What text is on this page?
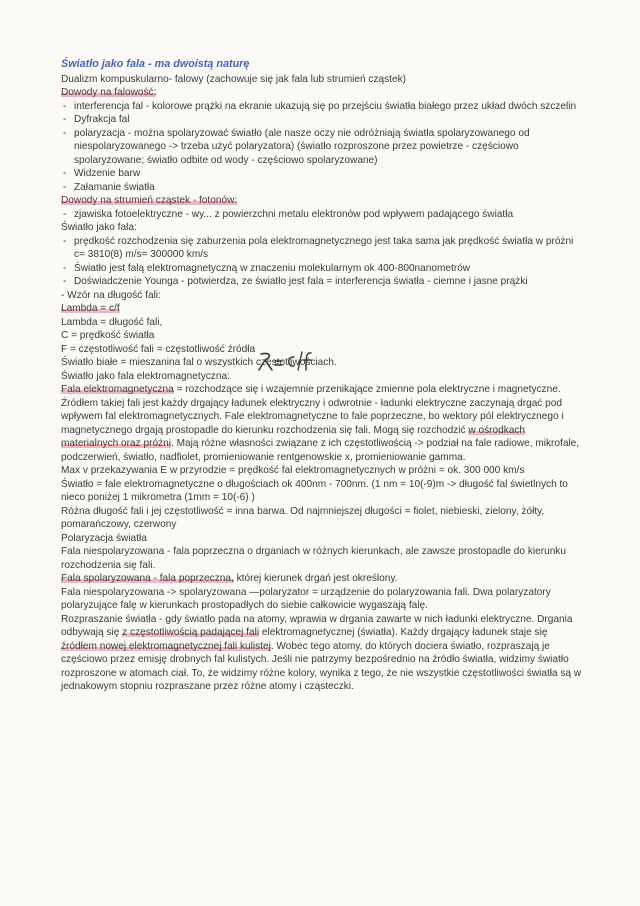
Światło jako fala - ma dwoistą naturę
Dualizm kompuskularno- falowy (zachowuje się jak fala lub strumień cząstek)
Dowody na falowość:
- interferencja fal - kolorowe prążki na ekranie ukazują się po przejściu światła białego przez układ dwóch szczelin
- Dyfrakcja fal
- polaryzacja - można spolaryzować światło (ale nasze oczy nie odróżniają światła spolaryzowanego od niespolaryzowanego -> trzeba użyć polaryzatora) (światło rozproszone przez powietrze - częściowo spolaryzowane; światło odbite od wody - częściowo spolaryzowane)
- Widzenie barw
- Załamanie światła
Dowody na strumień cząstek - fotonów:
- zjawiska fotoelektryczne - wy... z powierzchni metalu elektronów pod wpływem padającego światła
Światło jako fala:
- prędkość rozchodzenia się zaburzenia pola elektromagnetycznego jest taka sama jak prędkość światła w próżni c= 3810(8) m/s= 300000 km/s
- Światło jest falą elektromagnetyczną w znaczeniu molekularnym ok 400-800nanometrów
- Doświadczenie Younga - potwierdza, ze światło jest fala = interferencja światła - ciemne i jasne prążki
- Wzór na długość fali:
Lambda = c/f
Lambda = długość fali,
C = prędkość światła
F = częstotliwość fali = częstotliwość źródła
Światło białe = mieszanina fal o wszystkich częstotliwościach.
Światło jako fala elektromagnetyczna:
Fala elektromagnetyczna = rozchodzące się i wzajemnie przenikające zmienne pola elektryczne i magnetyczne. Źródłem takiej fali jest każdy drgający ładunek elektryczny i odwrotnie - ładunki elektryczne zaczynają drgać pod wpływem fal elektromagnetycznych. Fale elektromagnetyczne to fale poprzeczne, bo wektory pól elektrycznego i magnetycznego drgają prostopadle do kierunku rozchodzenia się fali. Mogą się rozchodzić w ośrodkach materialnych oraz próżni. Mają różne własności związane z ich częstotliwością -> podział na fale radiowe, mikrofale, podczerwień, światło, nadfiolet, promieniowanie rentgenowskie x, promieniowanie gamma.
Max v przekazywania E w przyrodzie = prędkość fal elektromagnetycznych w próżni = ok. 300 000 km/s
Światło = fale elektromagnetyczne o długościach ok 400nm - 700nm. (1 nm = 10(-9)m -> długość fal świetlnych to nieco poniżej 1 mikrometra (1mm = 10(-6) )
Różna długość fali i jej częstotliwość = inna barwa. Od najmniejszej długości = fiolet, niebieski, zielony, żółty, pomarańczowy, czerwony
Polaryzacja światła
Fala niespolaryzowana - fala poprzeczna o drganiach w różnych kierunkach, ale zawsze prostopadle do kierunku rozchodzenia się fali.
Fala spolaryzowana - fala poprzeczna, której kierunek drgań jest określony.
Fala niespolaryzowana -> spolaryzowana —polaryzator = urządzenie do polaryzowania fali. Dwa polaryzatory polaryzujące falę w kierunkach prostopadłych do siebie całkowicie wygaszają falę.
Rozpraszanie światła - gdy światło pada na atomy, wprawia w drgania zawarte w nich ładunki elektryczne. Drgania odbywają się z częstotliwością padającej fali elektromagnetycznej (światła). Każdy drgający ładunek staje się źródłem nowej elektromagnetycznej fali kulistej. Wobec tego atomy, do których dociera światło, rozpraszają je częściowo przez emisję drobnych fal kulistych. Jeśli nie patrzymy bezpośrednio na źródło światła, widzimy światło rozproszone w atomach ciał. To, że widzimy różne kolory, wynika z tego, że nie wszystkie częstotliwości światła są w jednakowym stopniu rozpraszane przez różne atomy i cząsteczki.
